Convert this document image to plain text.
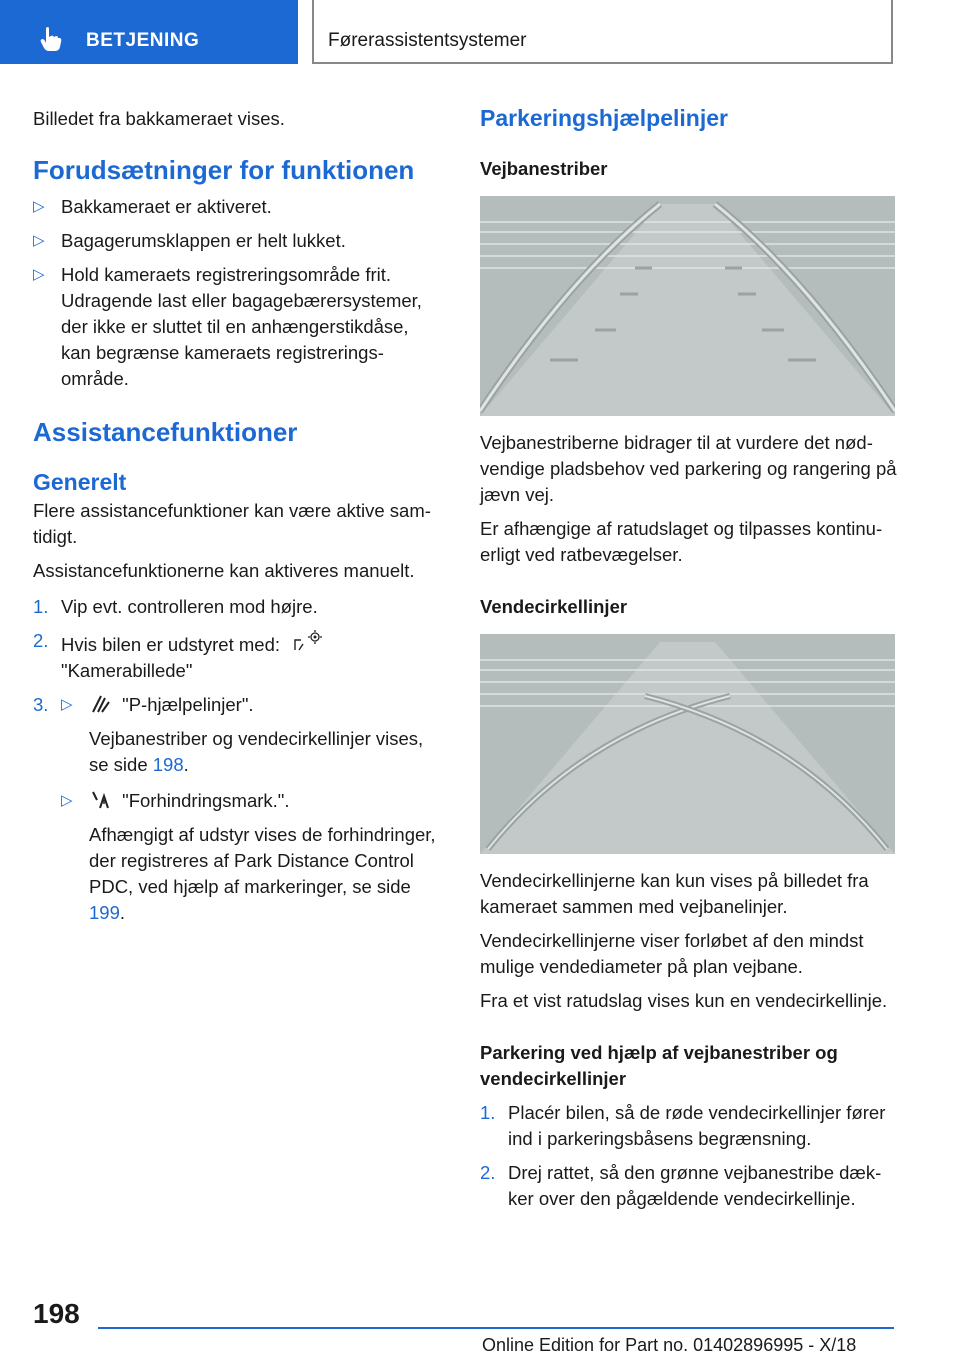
BETJENING	Førerassistentsystemer

Billedet fra bakkameraet vises.

Forudsætninger for funktionen
▷ Bakkameraet er aktiveret.

▷ Bagagerumsklappen er helt lukket.

▷ Hold kameraets registreringsområde frit. Udragende last eller bagagebærersystemer, der ikke er sluttet til en anhængerstikdåse, kan begrænse kameraets registreringsområde.

Assistancefunktioner
Generelt

Flere assistancefunktioner kan være aktive samtidigt.

Assistancefunktionerne kan aktiveres manuelt.

1. Vip evt. controlleren mod højre.

2. Hvis bilen er udstyret med:
"Kamerabillede"

3. ▷	"P-hjælpelinjer".

Vejbanestriber og vendecirkellinjer vises, se side 198.

▷	"Forhindringsmark.".

Afhængigt af udstyr vises de forhindringer, der registreres af Park Distance Control PDC, ved hjælp af markeringer, se side 199.

Parkeringshjælpelinjer
Vejbanestriber

Vejbanestriberne bidrager til at vurdere det nødvendige pladsbehov ved parkering og rangering på jævn vej.

Er afhængige af ratudslaget og tilpasses kontinuerligt ved ratbevægelser.

Vendecirkellinjer

Vendecirkellinjerne kan kun vises på billedet fra kameraet sammen med vejbanelinjer.

Vendecirkellinjerne viser forløbet af den mindst mulige vendediameter på plan vejbane.

Fra et vist ratudslag vises kun en vendecirkellinje.

Parkering ved hjælp af vejbanestriber og vendecirkellinjer
1. Placér bilen, så de røde vendecirkellinjer fører ind i parkeringsbåsens begrænsning.

2. Drej rattet, så den grønne vejbanestribe dækker over den pågældende vendecirkellinje.

198
Online Edition for Part no. 01402896995 - X/18
